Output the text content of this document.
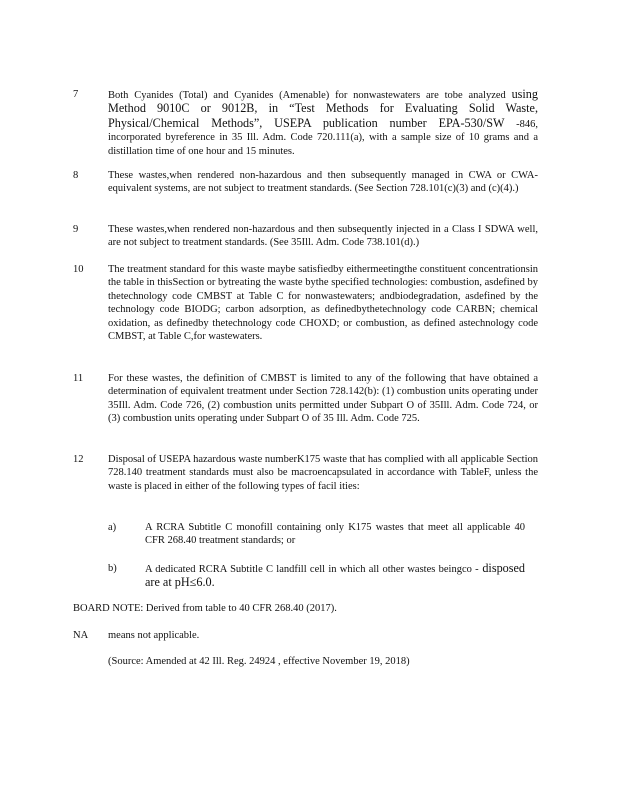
7	Both Cyanides (Total) and Cyanides (Amenable) for nonwastewaters are tobe analyzed using Method 9010C or 9012B, in “Test Methods for Evaluating Solid Waste, Physical/Chemical Methods”, USEPA publication number EPA-530/SW -846, incorporated byreference in 35 Ill. Adm. Code 720.111(a), with a sample size of 10 grams and a distillation time of one hour and 15 minutes.
8	These wastes,when rendered non-hazardous and then subsequently managed in CWA or CWA-equivalent systems, are not subject to treatment standards. (See Section 728.101(c)(3) and (c)(4).)
9	These wastes,when rendered non-hazardous and then subsequently injected in a Class I SDWA well, are not subject to treatment standards. (See 35Ill. Adm. Code 738.101(d).)
10	The treatment standard for this waste maybe satisfiedby eithermeetingthe constituent concentrationsin the table in thisSection or bytreating the waste bythe specified technologies: combustion, asdefined by thetechnology code CMBST at Table C for nonwastewaters; andbiodegradation, asdefined by the technology code BIODG; carbon adsorption, as definedbythetechnology code CARBN; chemical oxidation, as definedby thetechnology code CHOXD; or combustion, as defined astechnology code CMBST, at Table C,for wastewaters.
11	For these wastes, the definition of CMBST is limited to any of the following that have obtained a determination of equivalent treatment under Section 728.142(b): (1) combustion units operating under 35Ill. Adm. Code 726, (2) combustion units permitted under Subpart O of 35Ill. Adm. Code 724, or (3) combustion units operating under Subpart O of 35 Ill. Adm. Code 725.
12	Disposal of USEPA hazardous waste numberK175 waste that has complied with all applicable Section 728.140 treatment standards must also be macroencapsulated in accordance with TableF, unless the waste is placed in either of the following types of facil ities:
a)	A RCRA Subtitle C monofill containing only K175 wastes that meet all applicable 40 CFR 268.40 treatment standards; or
b)	A dedicated RCRA Subtitle C landfill cell in which all other wastes beingco - disposed are at pH≤6.0.
BOARD NOTE: Derived from table to 40 CFR 268.40 (2017).
NA means not applicable.
(Source: Amended at 42 Ill. Reg. 24924 , effective November 19, 2018)
